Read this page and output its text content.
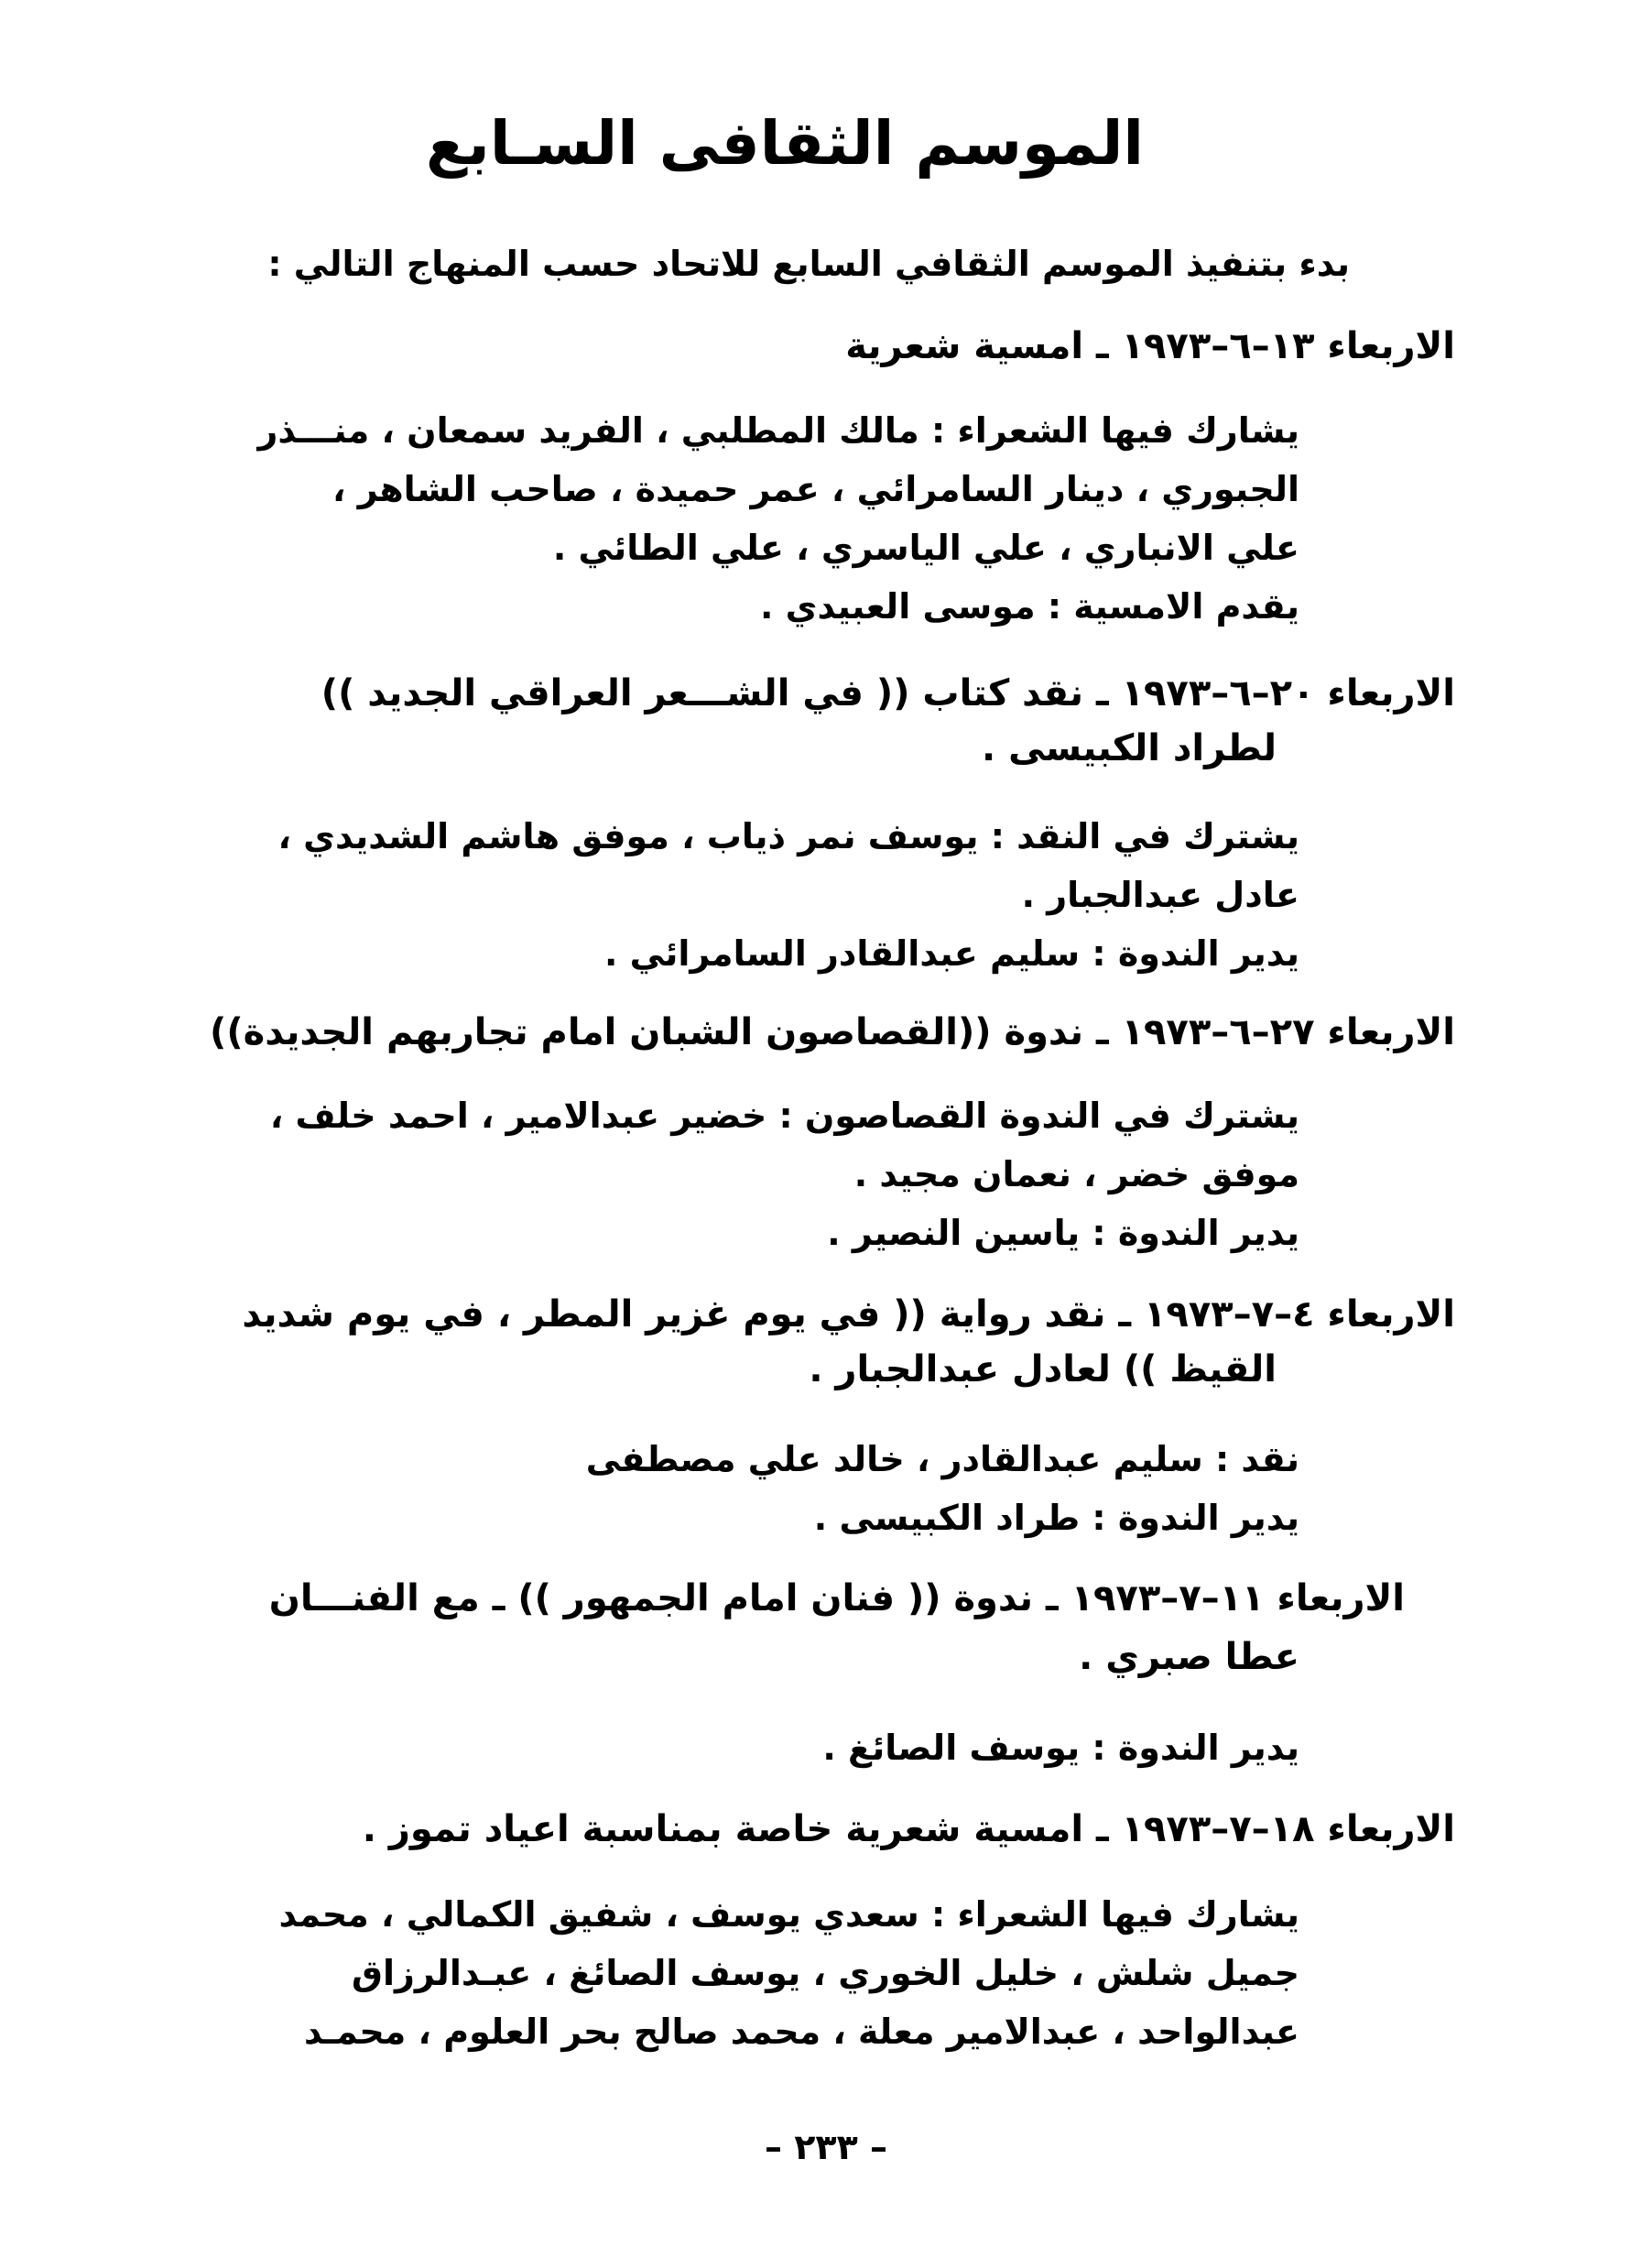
الموسم الثقافى السـابع
بدء بتنفيذ الموسم الثقافي السابع للاتحاد حسب المنهاج التالي :
الاربعاء ١٣–٦–١٩٧٣ ـ امسية شعرية
يشارك فيها الشعراء : مالك المطلبي ، الفريد سمعان ، منـــذر
الجبوري ، دينار السامرائي ، عمر حميدة ، صاحب الشاهر ،
علي الانباري ، علي الياسري ، علي الطائي .
يقدم الامسية : موسى العبيدي .
الاربعاء ٢٠–٦–١٩٧٣ ـ نقد كتاب (( في الشـــعر العراقي الجديد ))
لطراد الكبيسى .
يشترك في النقد : يوسف نمر ذياب ، موفق هاشم الشديدي ،
عادل عبدالجبار .
يدير الندوة : سليم عبدالقادر السامرائي .
الاربعاء ٢٧–٦–١٩٧٣ ـ ندوة ((القصاصون الشبان امام تجاربهم الجديدة))
يشترك في الندوة القصاصون : خضير عبدالامير ، احمد خلف ،
موفق خضر ، نعمان مجيد .
يدير الندوة : ياسين النصير .
الاربعاء ٤–٧–١٩٧٣ ـ نقد رواية (( في يوم غزير المطر ، في يوم شديد
القيظ )) لعادل عبدالجبار .
نقد : سليم عبدالقادر ، خالد علي مصطفى
يدير الندوة : طراد الكبيسى .
الاربعاء ١١–٧–١٩٧٣ ـ ندوة (( فنان امام الجمهور )) ـ مع الفنـــان
عطا صبري .
يدير الندوة : يوسف الصائغ .
الاربعاء ١٨–٧–١٩٧٣ ـ امسية شعرية خاصة بمناسبة اعياد تموز .
يشارك فيها الشعراء : سعدي يوسف ، شفيق الكمالي ، محمد
جميل شلش ، خليل الخوري ، يوسف الصائغ ، عبـدالرزاق
عبدالواحد ، عبدالامير معلة ، محمد صالح بحر العلوم ، محمـد
– ٢٣٣ –
